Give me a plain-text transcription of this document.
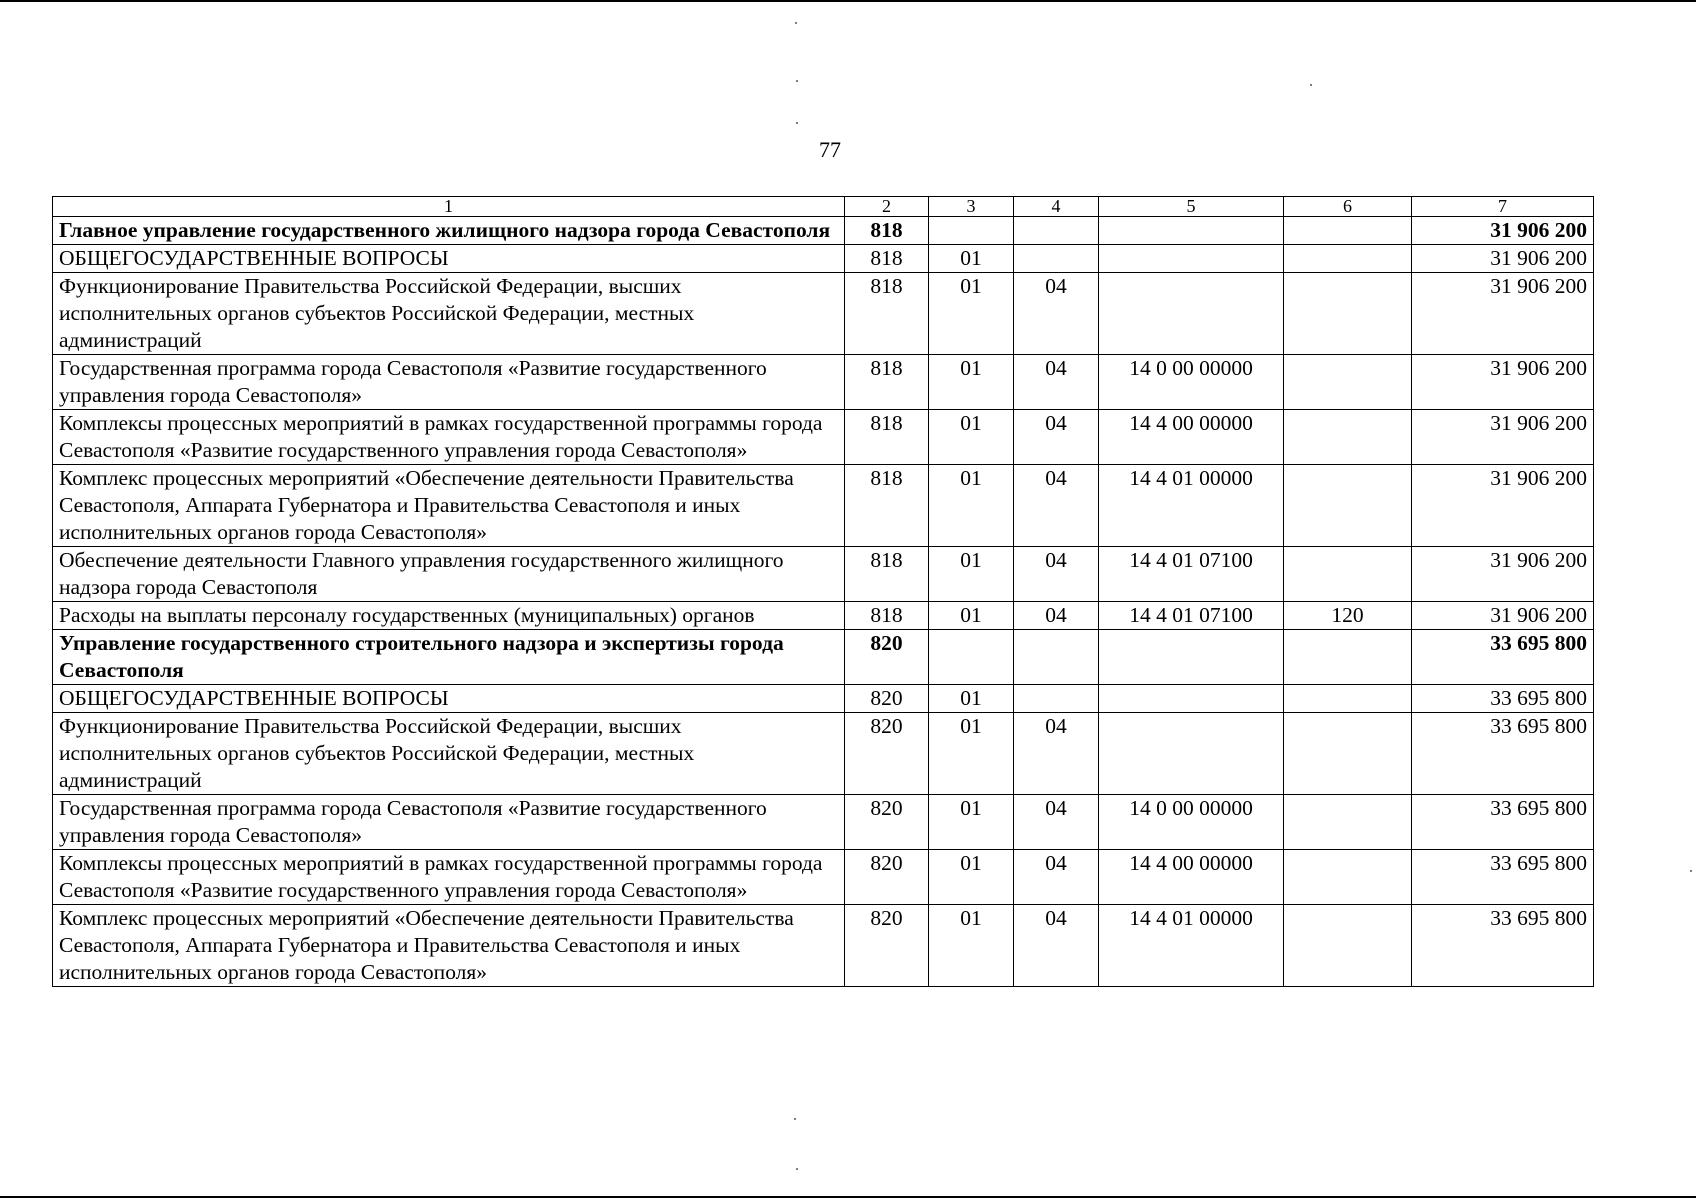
77
1	2	3	4	5	6	7
Главное управление государственного жилищного надзора города Севастополя	818					31 906 200
ОБЩЕГОСУДАРСТВЕННЫЕ ВОПРОСЫ	818	01				31 906 200
Функционирование Правительства Российской Федерации, высших исполнительных органов субъектов Российской Федерации, местных администраций	818	01	04			31 906 200
Государственная программа города Севастополя «Развитие государственного управления города Севастополя»	818	01	04	14 0 00 00000		31 906 200
Комплексы процессных мероприятий в рамках государственной программы города Севастополя «Развитие государственного управления города Севастополя»	818	01	04	14 4 00 00000		31 906 200
Комплекс процессных мероприятий «Обеспечение деятельности Правительства Севастополя, Аппарата Губернатора и Правительства Севастополя и иных исполнительных органов города Севастополя»	818	01	04	14 4 01 00000		31 906 200
Обеспечение деятельности Главного управления государственного жилищного надзора города Севастополя	818	01	04	14 4 01 07100		31 906 200
Расходы на выплаты персоналу государственных (муниципальных) органов	818	01	04	14 4 01 07100	120	31 906 200
Управление государственного строительного надзора и экспертизы города Севастополя	820					33 695 800
ОБЩЕГОСУДАРСТВЕННЫЕ ВОПРОСЫ	820	01				33 695 800
Функционирование Правительства Российской Федерации, высших исполнительных органов субъектов Российской Федерации, местных администраций	820	01	04			33 695 800
Государственная программа города Севастополя «Развитие государственного управления города Севастополя»	820	01	04	14 0 00 00000		33 695 800
Комплексы процессных мероприятий в рамках государственной программы города Севастополя «Развитие государственного управления города Севастополя»	820	01	04	14 4 00 00000		33 695 800
Комплекс процессных мероприятий «Обеспечение деятельности Правительства Севастополя, Аппарата Губернатора и Правительства Севастополя и иных исполнительных органов города Севастополя»	820	01	04	14 4 01 00000		33 695 800
